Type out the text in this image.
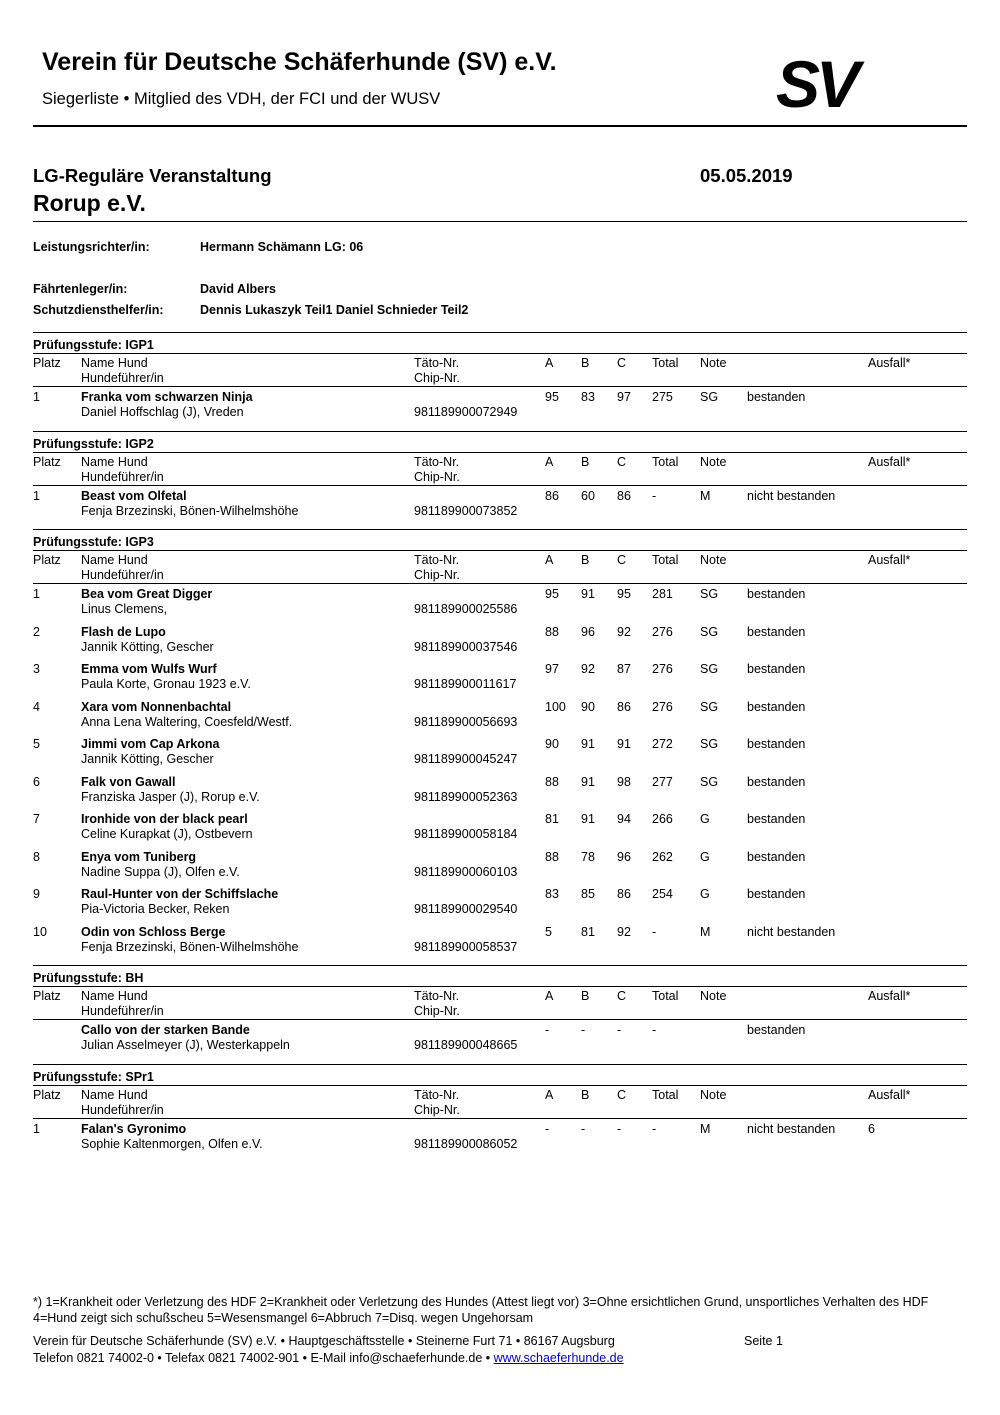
Verein für Deutsche Schäferhunde (SV) e.V.
Siegerliste • Mitglied des VDH, der FCI und der WUSV	SV
LG-Reguläre Veranstaltung	05.05.2019
Rorup e.V.
Leistungsrichter/in:	Hermann Schämann LG: 06
Fährtenleger/in:	David Albers
Schutzdiensthelfer/in:	Dennis Lukaszyk Teil1 Daniel Schnieder Teil2
Prüfungsstufe: IGP1
Platz Name Hund	Täto-Nr.	A B C Total Note	Ausfall*
Hundeführer/in	Chip-Nr.
1	Franka vom schwarzen Ninja	95 83 97 275 SG bestanden
Daniel Hoffschlag (J), Vreden	981189900072949
Prüfungsstufe: IGP2
Platz Name Hund	Täto-Nr.	A B C Total Note	Ausfall*
Hundeführer/in	Chip-Nr.
1	Beast vom Olfetal	86 60 86 -	M	nicht bestanden
Fenja Brzezinski, Bönen-Wilhelmshöhe	981189900073852
Prüfungsstufe: IGP3
Platz Name Hund	Täto-Nr.	A B C Total Note	Ausfall*
Hundeführer/in	Chip-Nr.
1	Bea vom Great Digger	95 91 95 281 SG bestanden
Linus Clemens,	981189900025586
2	Flash de Lupo	88 96 92 276 SG bestanden
Jannik Kötting, Gescher	981189900037546
3	Emma vom Wulfs Wurf	97 92 87 276 SG bestanden
Paula Korte, Gronau 1923 e.V.	981189900011617
4	Xara vom Nonnenbachtal	100 90 86 276 SG bestanden
Anna Lena Waltering, Coesfeld/Westf.	981189900056693
5	Jimmi vom Cap Arkona	90 91 91 272 SG bestanden
Jannik Kötting, Gescher	981189900045247
6	Falk von Gawall	88 91 98 277 SG bestanden
Franziska Jasper (J), Rorup e.V.	981189900052363
7	Ironhide von der black pearl	81 91 94 266 G	bestanden
Celine Kurapkat (J), Ostbevern	981189900058184
8	Enya vom Tuniberg	88 78 96 262 G	bestanden
Nadine Suppa (J), Olfen e.V.	981189900060103
9	Raul-Hunter von der Schiffslache	83 85 86 254 G	bestanden
Pia-Victoria Becker, Reken	981189900029540
10	Odin von Schloss Berge	5 81 92 -	M	nicht bestanden
Fenja Brzezinski, Bönen-Wilhelmshöhe	981189900058537
Prüfungsstufe: BH
Platz Name Hund	Täto-Nr.	A B C Total Note	Ausfall*
Hundeführer/in	Chip-Nr.
Callo von der starken Bande	-	-	- -	bestanden
Julian Asselmeyer (J), Westerkappeln	981189900048665
Prüfungsstufe: SPr1
Platz Name Hund	Täto-Nr.	A B C Total Note	Ausfall*
Hundeführer/in	Chip-Nr.
1	Falan's Gyronimo	-	-	- -	M	nicht bestanden	6
Sophie Kaltenmorgen, Olfen e.V.	981189900086052
*) 1=Krankheit oder Verletzung des HDF 2=Krankheit oder Verletzung des Hundes (Attest liegt vor) 3=Ohne ersichtlichen Grund, unsportliches Verhalten des HDF 4=Hund zeigt sich schußscheu 5=Wesensmangel 6=Abbruch 7=Disq. wegen Ungehorsam
Verein für Deutsche Schäferhunde (SV) e.V. • Hauptgeschäftsstelle • Steinerne Furt 71 • 86167 Augsburg	Seite 1
Telefon 0821 74002-0 • Telefax 0821 74002-901 • E-Mail info@schaeferhunde.de • www.schaeferhunde.de
